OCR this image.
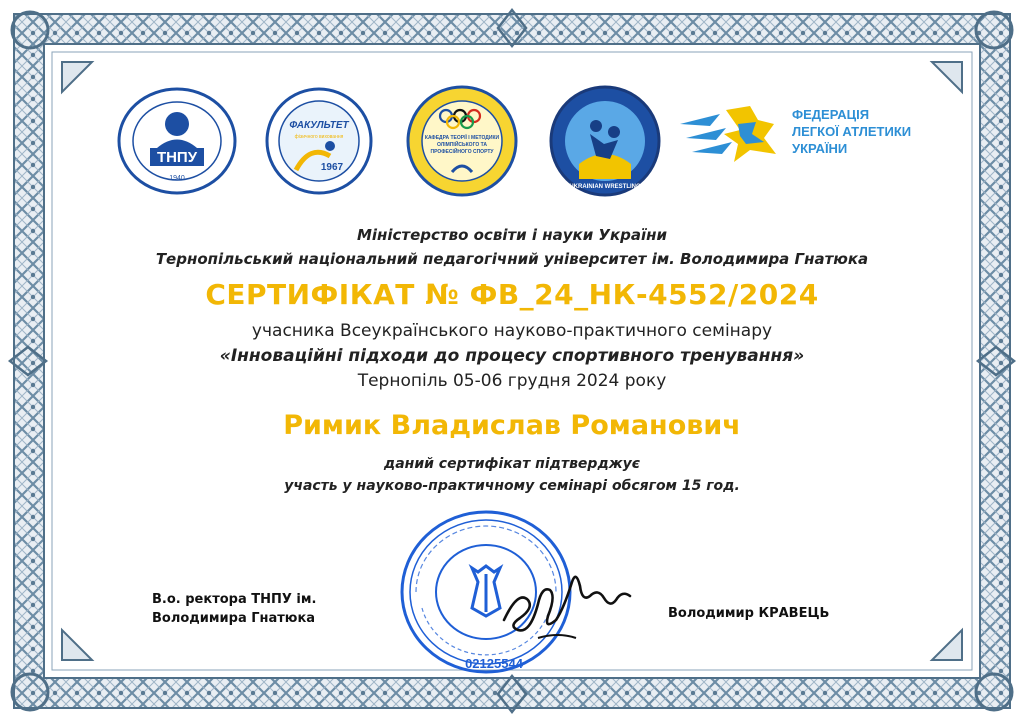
ТНПУ
1940
ФАКУЛЬТЕТ
фізичного виховання
1967
КАФЕДРА ТЕОРІЇ І МЕТОДИКИ
ОЛІМПІЙСЬКОГО ТА
ПРОФЕСІЙНОГО СПОРТУ
UKRAINIAN WRESTLING
ФЕДЕРАЦІЯ
ЛЕГКОЇ АТЛЕТИКИ
УКРАЇНИ
Міністерство освіти і науки України
Тернопільський національний педагогічний університет ім. Володимира Гнатюка
СЕРТИФІКАТ № ФВ_24_НК-4552/2024
учасника Всеукраїнського науково-практичного семінару
«Інноваційні підходи до процесу спортивного тренування»
Тернопіль 05-06 грудня 2024 року
Римик Владислав Романович
даний сертифікат підтверджує
участь у науково-практичному семінарі обсягом 15 год.
02125544
В.о. ректора ТНПУ ім.
Володимира Гнатюка	Володимир КРАВЕЦЬ
